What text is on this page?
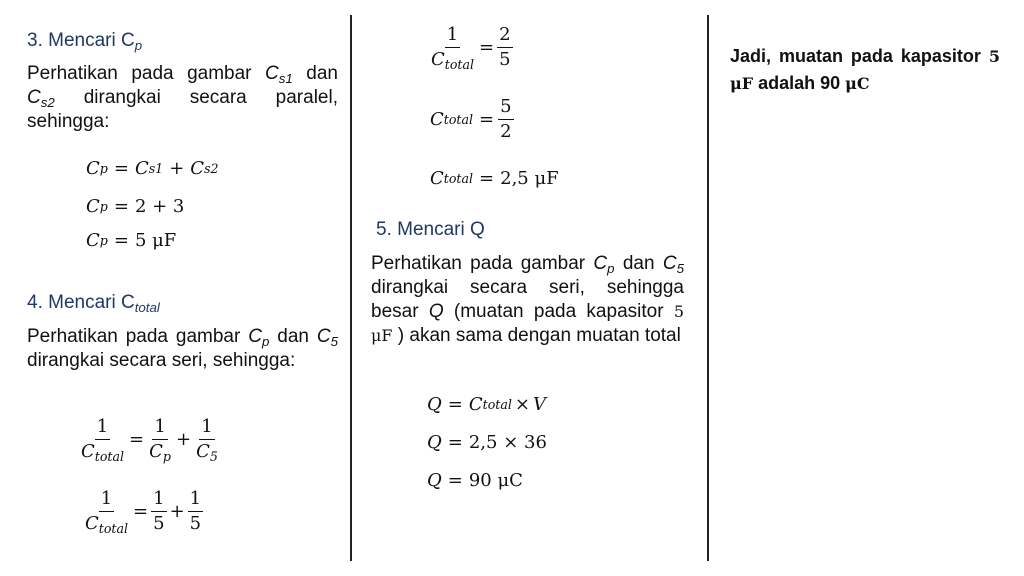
3. Mencari $C_p$
Perhatikan pada gambar $C_{s1}$ dan $C_{s2}$ dirangkai secara paralel, sehingga:
C p = C s1 + C s2
C p = 2 + 3
C p = 5 μF
4. Mencari $C_{total}$
Perhatikan pada gambar $C_p$ dan $C_5$ dirangkai secara seri, sehingga:
$\frac{1}{C_{total}} = \frac{1}{C_p} + \frac{1}{C_5}$
$\frac{1}{C_{total}} = \frac{1}{5} + \frac{1}{5}$
$\frac{1}{C_{total}} = \frac{2}{5}$
C total = $\frac{5}{2}$
C total = 2,5 μF
5. Mencari Q
Perhatikan pada gambar $C_p$ dan $C_5$ dirangkai secara seri, sehingga besar Q (muatan pada kapasitor 5 μF ) akan sama dengan muatan total
Q = C total × V
Q = 2,5 × 36
Q = 90 μC
Jadi, muatan pada kapasitor 5 μF adalah 90 μC
